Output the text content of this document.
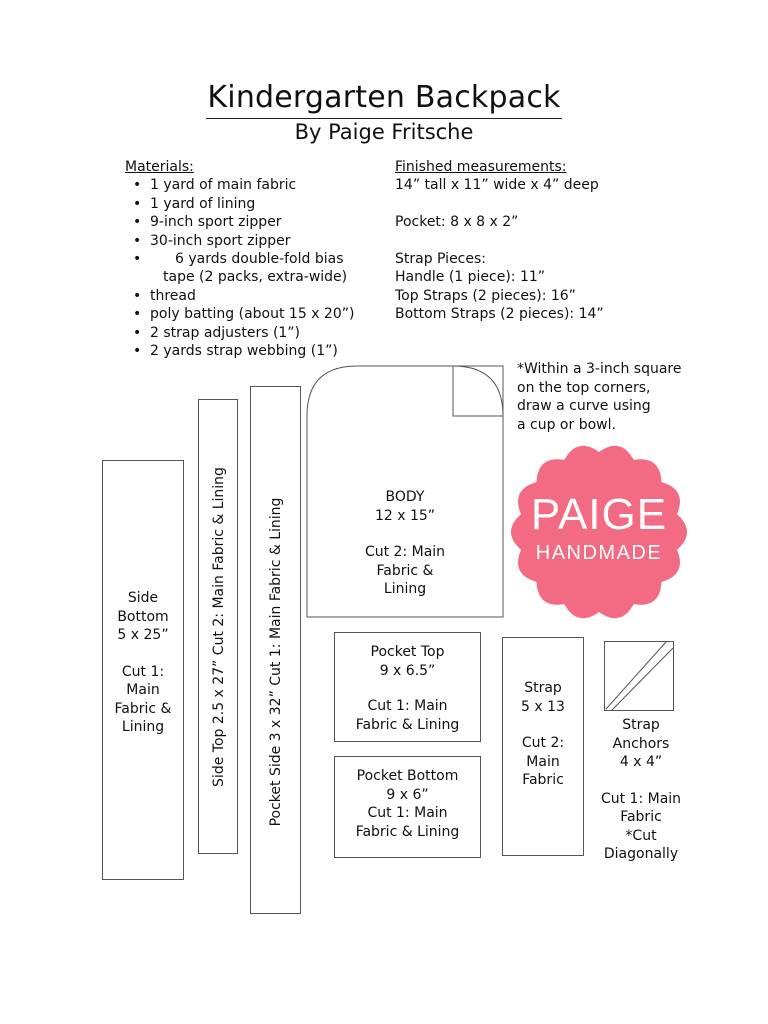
Kindergarten Backpack
By Paige Fritsche
Materials:
• 1 yard of main fabric
• 1 yard of lining
• 9-inch sport zipper
• 30-inch sport zipper
• 6 yards double-fold bias
tape (2 packs, extra-wide)
• thread
• poly batting (about 15 x 20”)
• 2 strap adjusters (1”)
• 2 yards strap webbing (1”)
Finished measurements:
14” tall x 11” wide x 4” deep
Pocket: 8 x 8 x 2”
Strap Pieces:
Handle (1 piece): 11”
Top Straps (2 pieces): 16”
Bottom Straps (2 pieces): 14”
*Within a 3-inch square
on the top corners,
draw a curve using
a cup or bowl.
Side
Bottom
5 x 25”
Cut 1:
Main
Fabric &
Lining	Side Top 2.5 x 27” Cut 2: Main Fabric & Lining	Pocket Side 3 x 32” Cut 1: Main Fabric & Lining
BODY
12 x 15”
Cut 2: Main
Fabric &
Lining
Pocket Top
9 x 6.5”
Cut 1: Main
Fabric & Lining
Pocket Bottom
9 x 6”
Cut 1: Main
Fabric & Lining
Strap
5 x 13
Cut 2:
Main
Fabric
Strap
Anchors
4 x 4”
Cut 1: Main
Fabric
*Cut
Diagonally
PAIGE
HANDMADE
